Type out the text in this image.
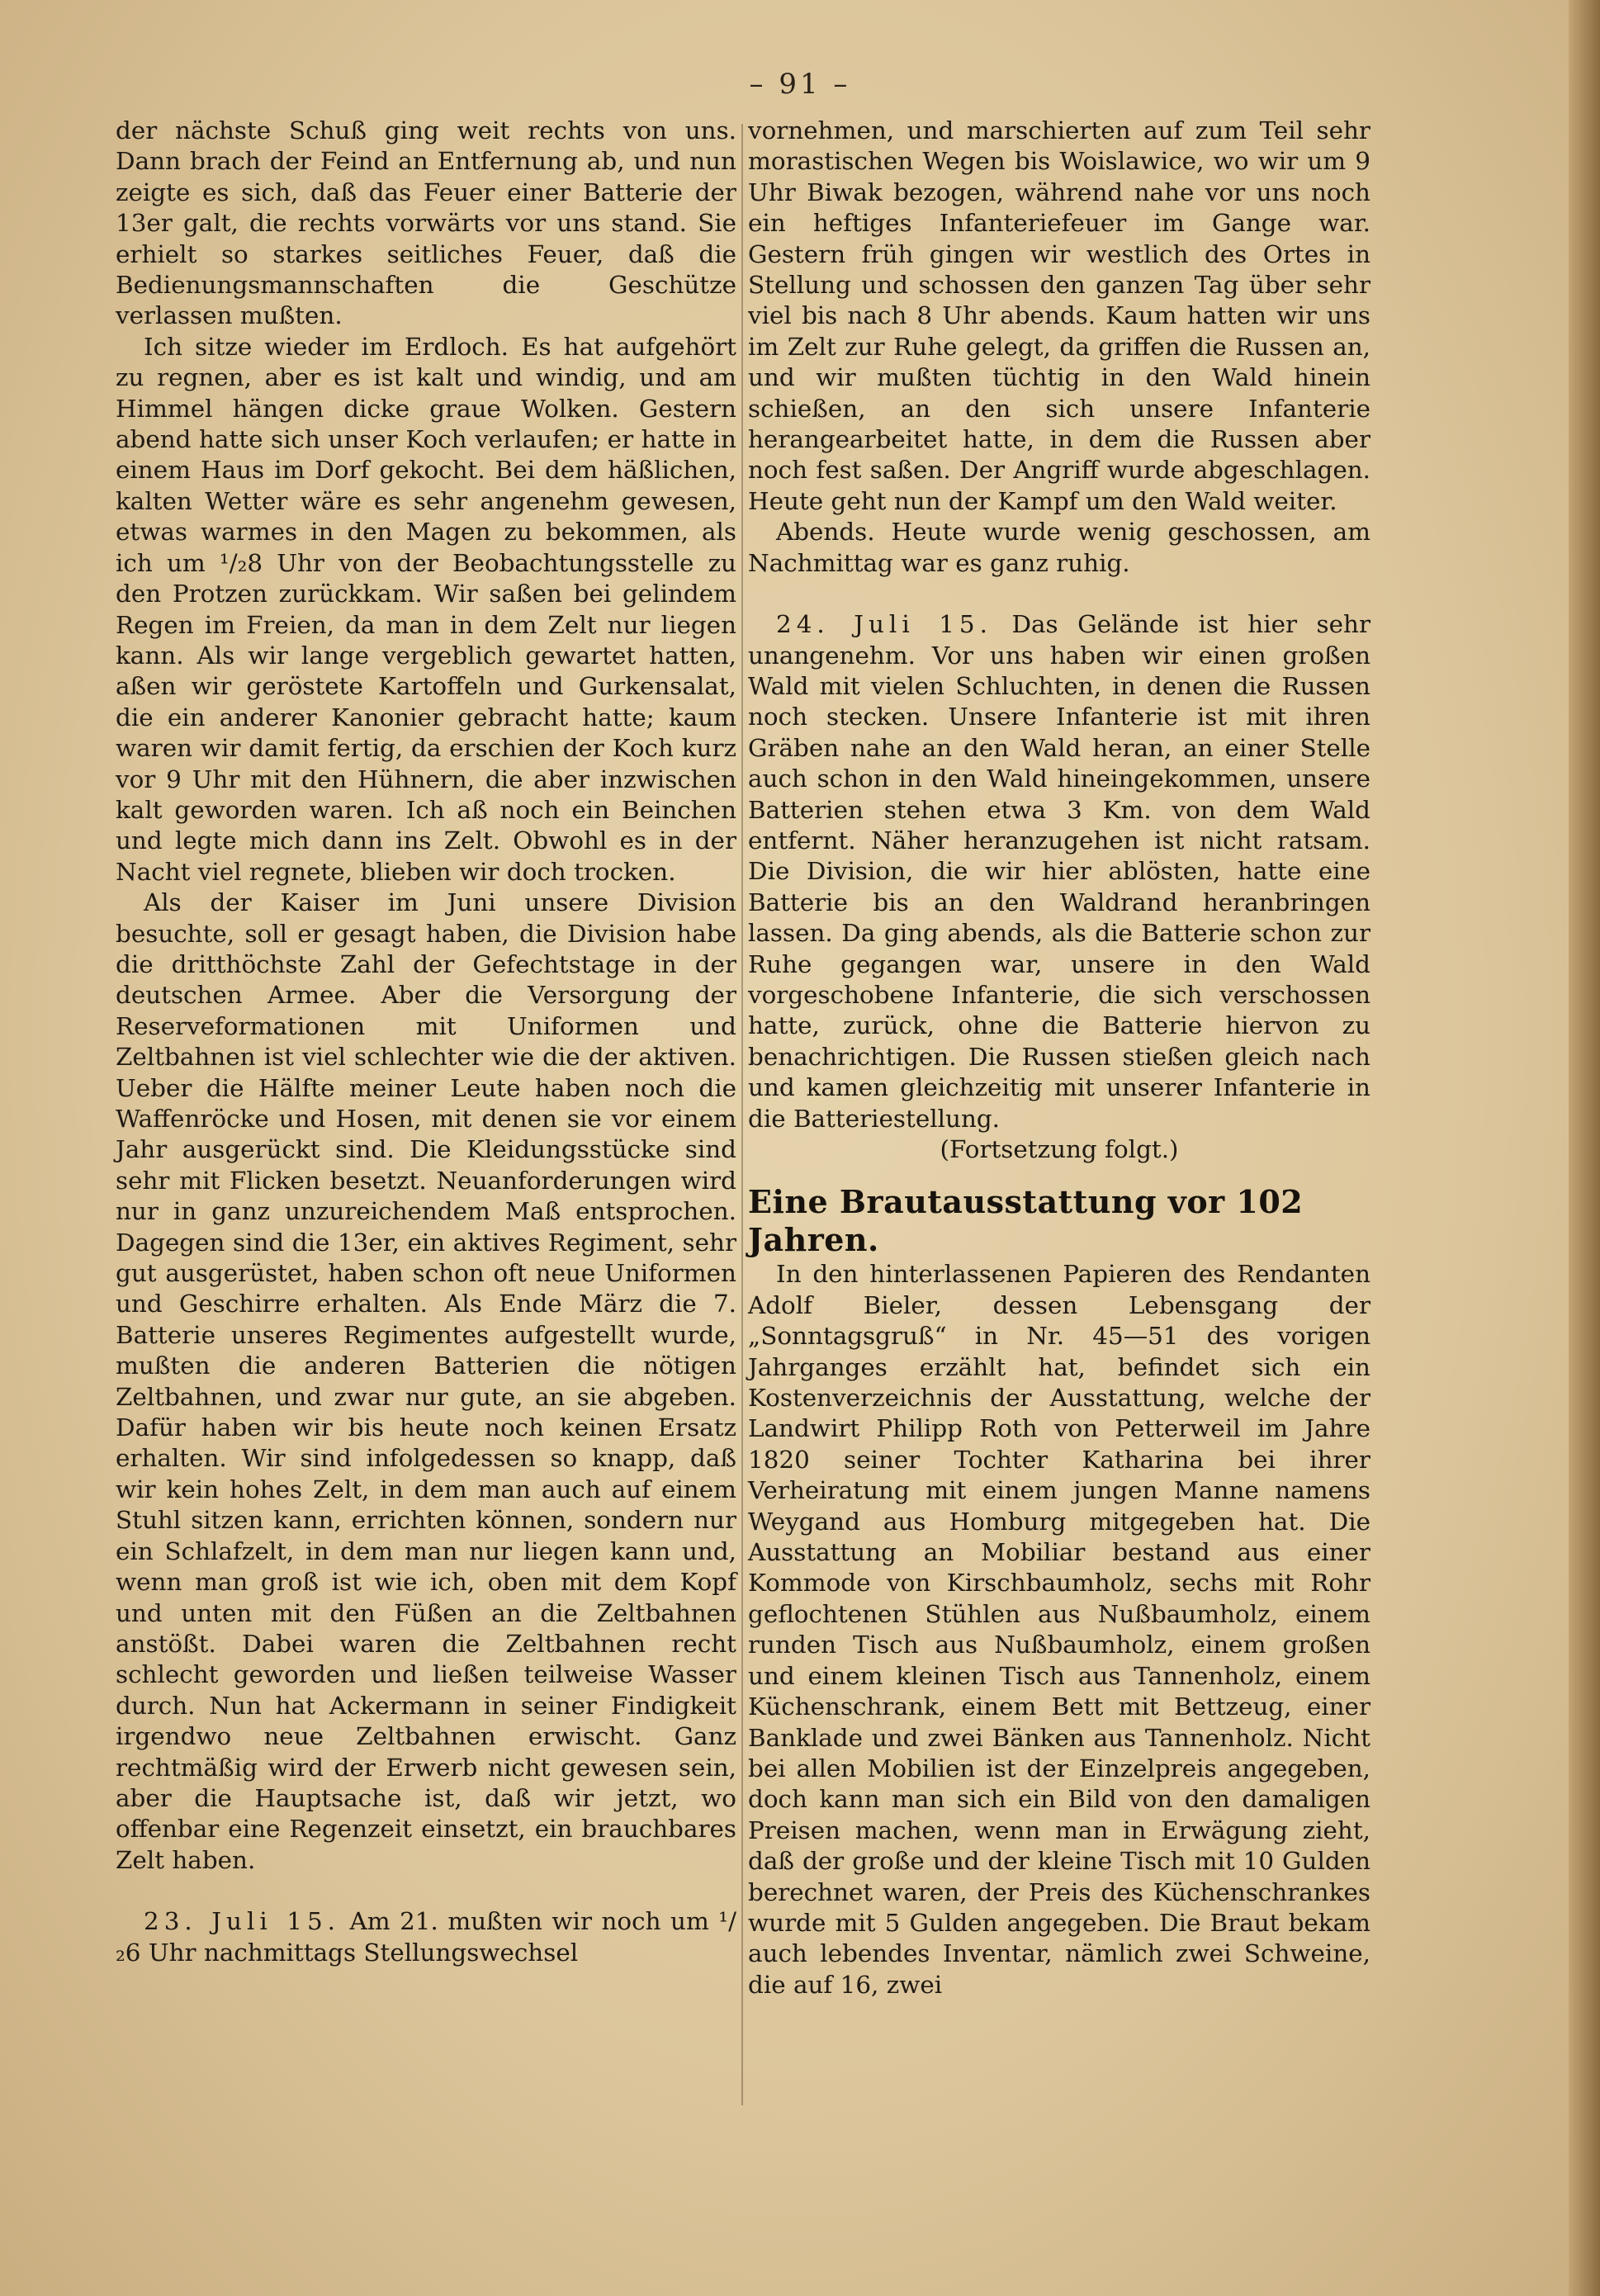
– 91 –

der nächste Schuß ging weit rechts von uns. Dann brach der Feind an Entfernung ab, und nun zeigte es sich, daß das Feuer einer Batterie der 13er galt, die rechts vorwärts vor uns stand. Sie erhielt so starkes seitliches Feuer, daß die Bedienungsmannschaften die Geschütze verlassen mußten.

Ich sitze wieder im Erdloch. Es hat aufgehört zu regnen, aber es ist kalt und windig, und am Himmel hängen dicke graue Wolken. Gestern abend hatte sich unser Koch verlaufen; er hatte in einem Haus im Dorf gekocht. Bei dem häßlichen, kalten Wetter wäre es sehr angenehm gewesen, etwas warmes in den Magen zu bekommen, als ich um ¹/₂8 Uhr von der Beobachtungsstelle zu den Protzen zurückkam. Wir saßen bei gelindem Regen im Freien, da man in dem Zelt nur liegen kann. Als wir lange vergeblich gewartet hatten, aßen wir geröstete Kartoffeln und Gurkensalat, die ein anderer Kanonier gebracht hatte; kaum waren wir damit fertig, da erschien der Koch kurz vor 9 Uhr mit den Hühnern, die aber inzwischen kalt geworden waren. Ich aß noch ein Beinchen und legte mich dann ins Zelt. Obwohl es in der Nacht viel regnete, blieben wir doch trocken.

Als der Kaiser im Juni unsere Division besuchte, soll er gesagt haben, die Division habe die dritthöchste Zahl der Gefechtstage in der deutschen Armee. Aber die Versorgung der Reserveformationen mit Uniformen und Zeltbahnen ist viel schlechter wie die der aktiven. Ueber die Hälfte meiner Leute haben noch die Waffenröcke und Hosen, mit denen sie vor einem Jahr ausgerückt sind. Die Kleidungsstücke sind sehr mit Flicken besetzt. Neuanforderungen wird nur in ganz unzureichendem Maß entsprochen. Dagegen sind die 13er, ein aktives Regiment, sehr gut ausgerüstet, haben schon oft neue Uniformen und Geschirre erhalten. Als Ende März die 7. Batterie unseres Regimentes aufgestellt wurde, mußten die anderen Batterien die nötigen Zeltbahnen, und zwar nur gute, an sie abgeben. Dafür haben wir bis heute noch keinen Ersatz erhalten. Wir sind infolgedessen so knapp, daß wir kein hohes Zelt, in dem man auch auf einem Stuhl sitzen kann, errichten können, sondern nur ein Schlafzelt, in dem man nur liegen kann und, wenn man groß ist wie ich, oben mit dem Kopf und unten mit den Füßen an die Zeltbahnen anstößt. Dabei waren die Zeltbahnen recht schlecht geworden und ließen teilweise Wasser durch. Nun hat Ackermann in seiner Findigkeit irgendwo neue Zeltbahnen erwischt. Ganz rechtmäßig wird der Erwerb nicht gewesen sein, aber die Hauptsache ist, daß wir jetzt, wo offenbar eine Regenzeit einsetzt, ein brauchbares Zelt haben.

23. Juli 15. Am 21. mußten wir noch um ¹/₂6 Uhr nachmittags Stellungswechsel

vornehmen, und marschierten auf zum Teil sehr morastischen Wegen bis Woislawice, wo wir um 9 Uhr Biwak bezogen, während nahe vor uns noch ein heftiges Infanteriefeuer im Gange war. Gestern früh gingen wir westlich des Ortes in Stellung und schossen den ganzen Tag über sehr viel bis nach 8 Uhr abends. Kaum hatten wir uns im Zelt zur Ruhe gelegt, da griffen die Russen an, und wir mußten tüchtig in den Wald hinein schießen, an den sich unsere Infanterie herangearbeitet hatte, in dem die Russen aber noch fest saßen. Der Angriff wurde abgeschlagen. Heute geht nun der Kampf um den Wald weiter.

Abends. Heute wurde wenig geschossen, am Nachmittag war es ganz ruhig.

24. Juli 15. Das Gelände ist hier sehr unangenehm. Vor uns haben wir einen großen Wald mit vielen Schluchten, in denen die Russen noch stecken. Unsere Infanterie ist mit ihren Gräben nahe an den Wald heran, an einer Stelle auch schon in den Wald hineingekommen, unsere Batterien stehen etwa 3 Km. von dem Wald entfernt. Näher heranzugehen ist nicht ratsam. Die Division, die wir hier ablösten, hatte eine Batterie bis an den Waldrand heranbringen lassen. Da ging abends, als die Batterie schon zur Ruhe gegangen war, unsere in den Wald vorgeschobene Infanterie, die sich verschossen hatte, zurück, ohne die Batterie hiervon zu benachrichtigen. Die Russen stießen gleich nach und kamen gleichzeitig mit unserer Infanterie in die Batteriestellung.

(Fortsetzung folgt.)

Eine Brautausstattung vor 102 Jahren.

In den hinterlassenen Papieren des Rendanten Adolf Bieler, dessen Lebensgang der „Sonntagsgruß“ in Nr. 45—51 des vorigen Jahrganges erzählt hat, befindet sich ein Kostenverzeichnis der Ausstattung, welche der Landwirt Philipp Roth von Petterweil im Jahre 1820 seiner Tochter Katharina bei ihrer Verheiratung mit einem jungen Manne namens Weygand aus Homburg mitgegeben hat. Die Ausstattung an Mobiliar bestand aus einer Kommode von Kirschbaumholz, sechs mit Rohr geflochtenen Stühlen aus Nußbaumholz, einem runden Tisch aus Nußbaumholz, einem großen und einem kleinen Tisch aus Tannenholz, einem Küchenschrank, einem Bett mit Bettzeug, einer Banklade und zwei Bänken aus Tannenholz. Nicht bei allen Mobilien ist der Einzelpreis angegeben, doch kann man sich ein Bild von den damaligen Preisen machen, wenn man in Erwägung zieht, daß der große und der kleine Tisch mit 10 Gulden berechnet waren, der Preis des Küchenschrankes wurde mit 5 Gulden angegeben. Die Braut bekam auch lebendes Inventar, nämlich zwei Schweine, die auf 16, zwei
